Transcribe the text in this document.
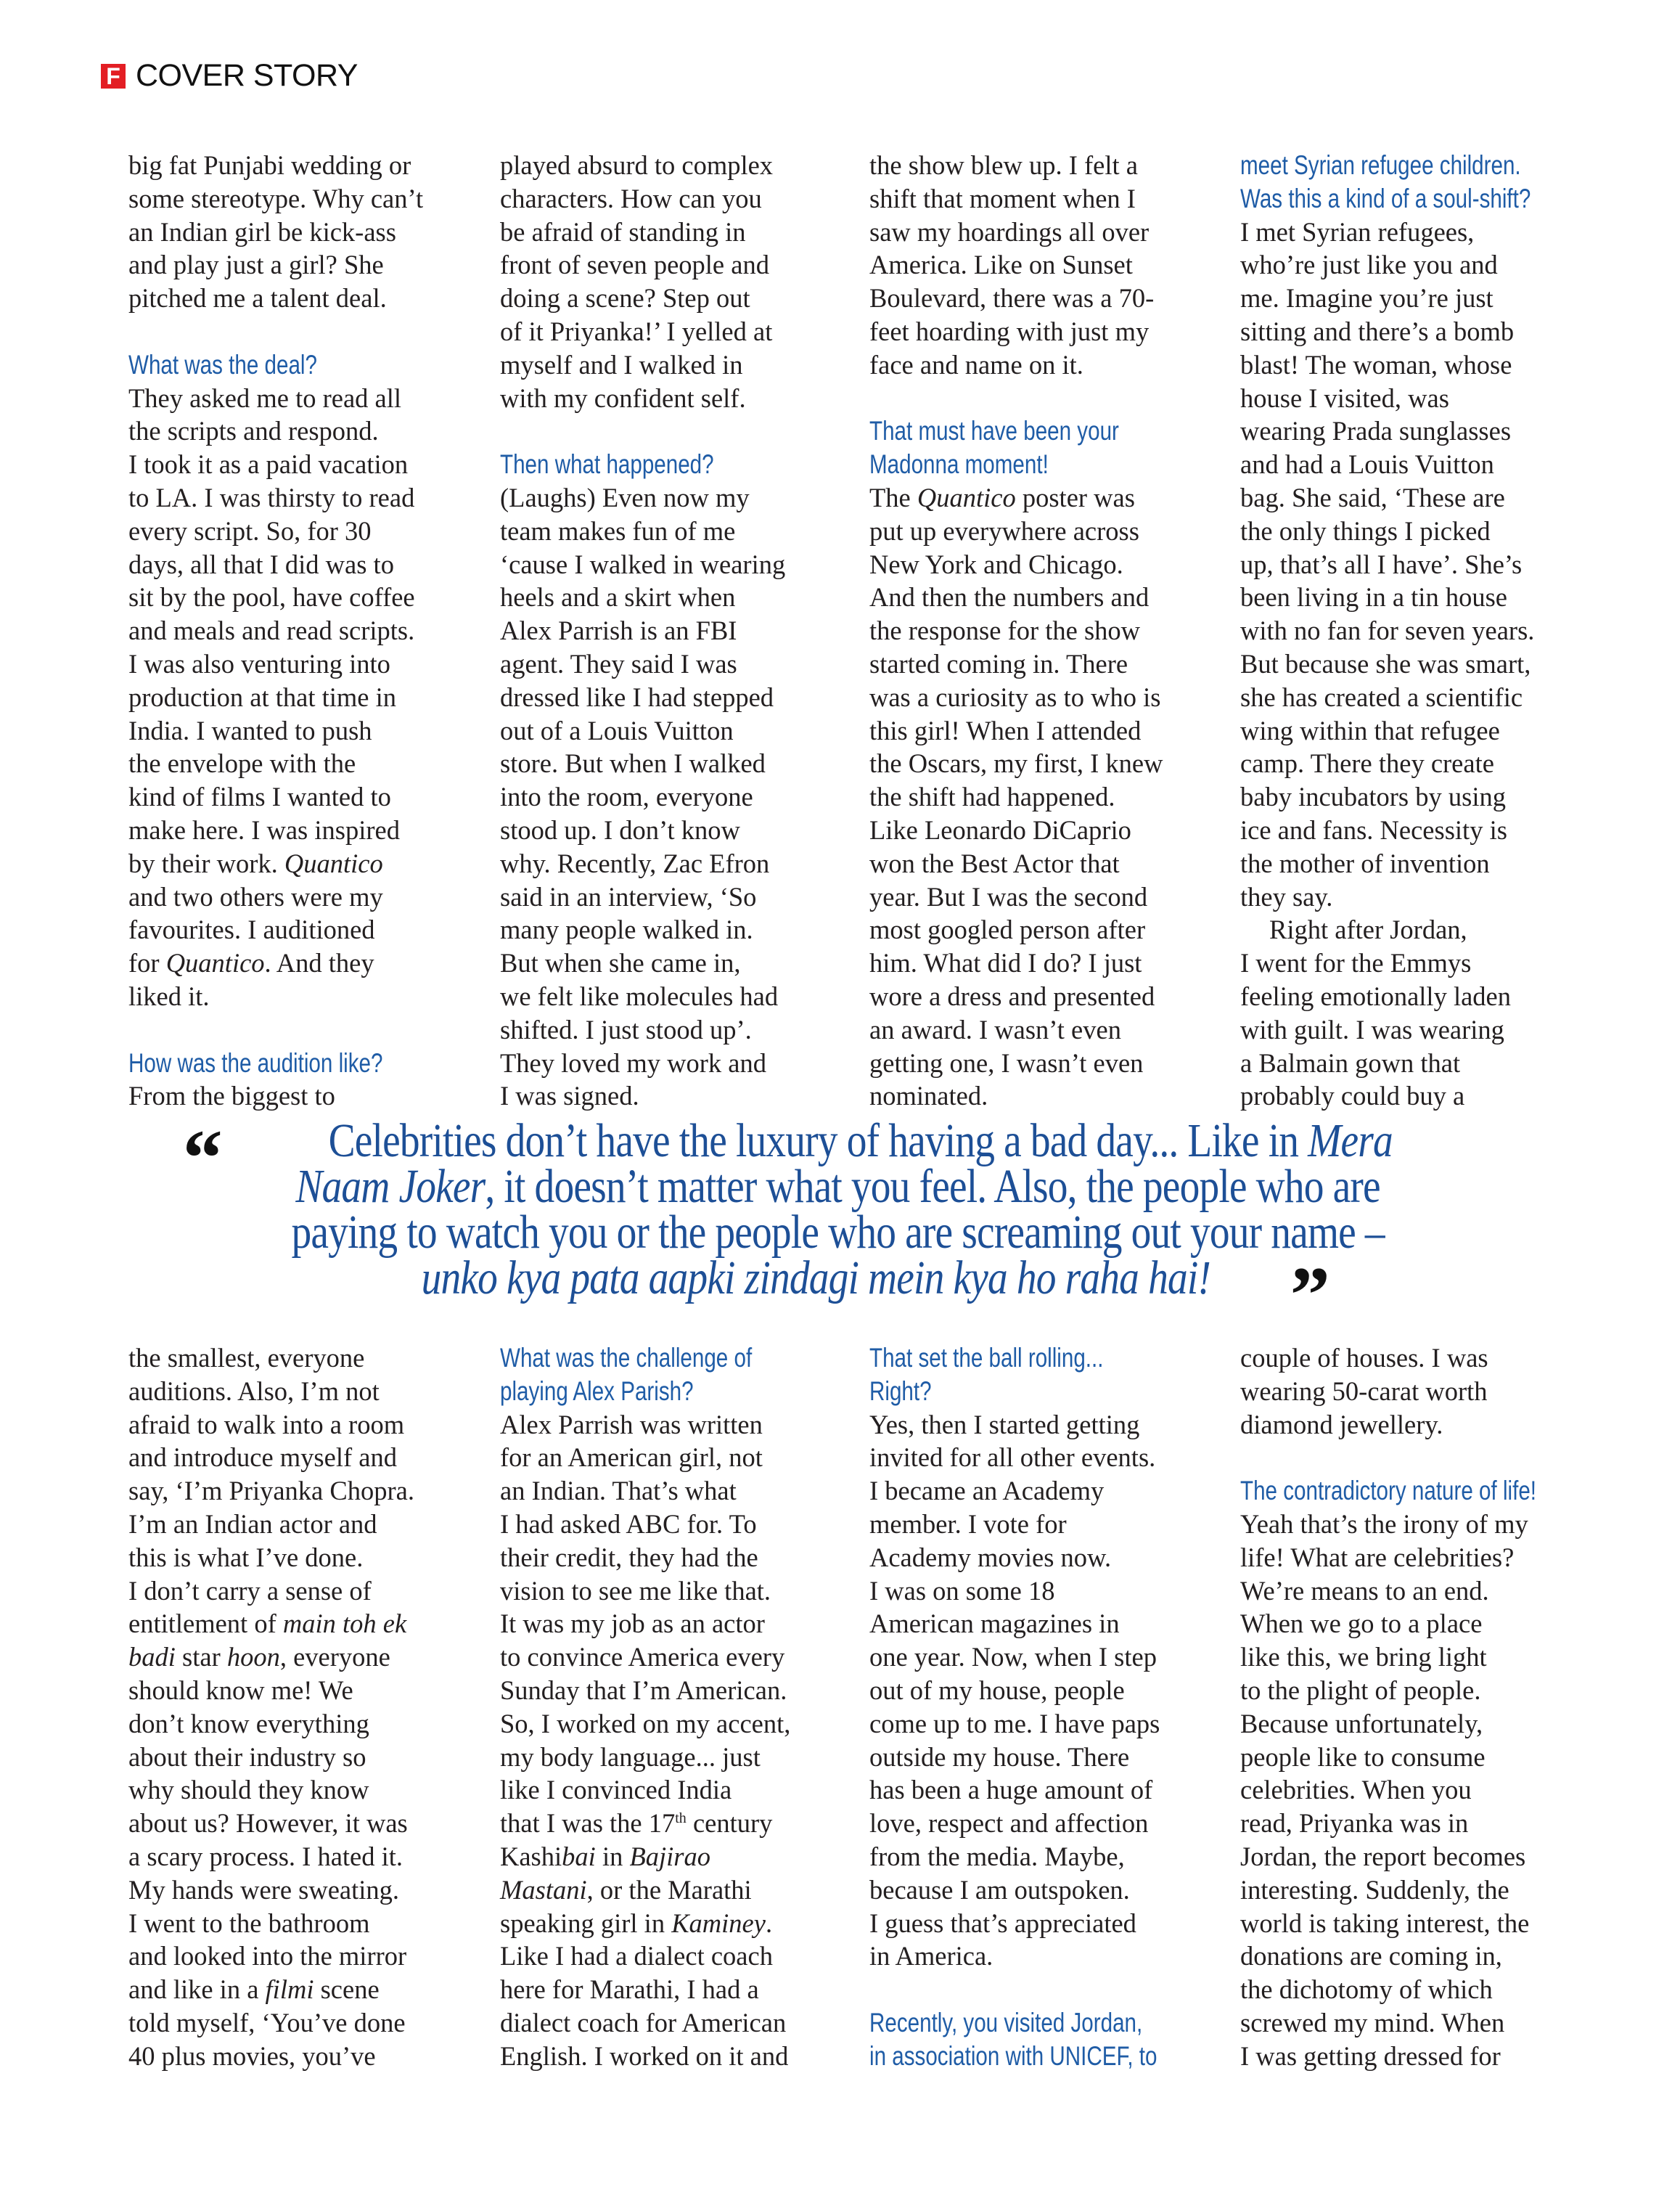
F COVER STORY
big fat Punjabi wedding or
some stereotype. Why can’t
an Indian girl be kick-ass
and play just a girl? She
pitched me a talent deal.
What was the deal?
They asked me to read all
the scripts and respond.
I took it as a paid vacation
to LA. I was thirsty to read
every script. So, for 30
days, all that I did was to
sit by the pool, have coffee
and meals and read scripts.
I was also venturing into
production at that time in
India. I wanted to push
the envelope with the
kind of films I wanted to
make here. I was inspired
by their work. Quantico
and two others were my
favourites. I auditioned
for Quantico. And they
liked it.
How was the audition like?
From the biggest to
played absurd to complex
characters. How can you
be afraid of standing in
front of seven people and
doing a scene? Step out
of it Priyanka!’ I yelled at
myself and I walked in
with my confident self.
Then what happened?
(Laughs) Even now my
team makes fun of me
‘cause I walked in wearing
heels and a skirt when
Alex Parrish is an FBI
agent. They said I was
dressed like I had stepped
out of a Louis Vuitton
store. But when I walked
into the room, everyone
stood up. I don’t know
why. Recently, Zac Efron
said in an interview, ‘So
many people walked in.
But when she came in,
we felt like molecules had
shifted. I just stood up’.
They loved my work and
I was signed.
the show blew up. I felt a
shift that moment when I
saw my hoardings all over
America. Like on Sunset
Boulevard, there was a 70-
feet hoarding with just my
face and name on it.
That must have been your
Madonna moment!
The Quantico poster was
put up everywhere across
New York and Chicago.
And then the numbers and
the response for the show
started coming in. There
was a curiosity as to who is
this girl! When I attended
the Oscars, my first, I knew
the shift had happened.
Like Leonardo DiCaprio
won the Best Actor that
year. But I was the second
most googled person after
him. What did I do? I just
wore a dress and presented
an award. I wasn’t even
getting one, I wasn’t even
nominated.
meet Syrian refugee children.
Was this a kind of a soul-shift?
I met Syrian refugees,
who’re just like you and
me. Imagine you’re just
sitting and there’s a bomb
blast! The woman, whose
house I visited, was
wearing Prada sunglasses
and had a Louis Vuitton
bag. She said, ‘These are
the only things I picked
up, that’s all I have’. She’s
been living in a tin house
with no fan for seven years.
But because she was smart,
she has created a scientific
wing within that refugee
camp. There they create
baby incubators by using
ice and fans. Necessity is
the mother of invention
they say.
Right after Jordan,
I went for the Emmys
feeling emotionally laden
with guilt. I was wearing
a Balmain gown that
probably could buy a
“ Celebrities don’t have the luxury of having a bad day... Like in Mera
Naam Joker, it doesn’t matter what you feel. Also, the people who are
paying to watch you or the people who are screaming out your name –
unko kya pata aapki zindagi mein kya ho raha hai! ”
the smallest, everyone
auditions. Also, I’m not
afraid to walk into a room
and introduce myself and
say, ‘I’m Priyanka Chopra.
I’m an Indian actor and
this is what I’ve done.
I don’t carry a sense of
entitlement of main toh ek
badi star hoon, everyone
should know me! We
don’t know everything
about their industry so
why should they know
about us? However, it was
a scary process. I hated it.
My hands were sweating.
I went to the bathroom
and looked into the mirror
and like in a filmi scene
told myself, ‘You’ve done
40 plus movies, you’ve
What was the challenge of
playing Alex Parish?
Alex Parrish was written
for an American girl, not
an Indian. That’s what
I had asked ABC for. To
their credit, they had the
vision to see me like that.
It was my job as an actor
to convince America every
Sunday that I’m American.
So, I worked on my accent,
my body language... just
like I convinced India
that I was the 17th century
Kashibai in Bajirao
Mastani, or the Marathi
speaking girl in Kaminey.
Like I had a dialect coach
here for Marathi, I had a
dialect coach for American
English. I worked on it and
That set the ball rolling...
Right?
Yes, then I started getting
invited for all other events.
I became an Academy
member. I vote for
Academy movies now.
I was on some 18
American magazines in
one year. Now, when I step
out of my house, people
come up to me. I have paps
outside my house. There
has been a huge amount of
love, respect and affection
from the media. Maybe,
because I am outspoken.
I guess that’s appreciated
in America.
Recently, you visited Jordan,
in association with UNICEF, to
couple of houses. I was
wearing 50-carat worth
diamond jewellery.
The contradictory nature of life!
Yeah that’s the irony of my
life! What are celebrities?
We’re means to an end.
When we go to a place
like this, we bring light
to the plight of people.
Because unfortunately,
people like to consume
celebrities. When you
read, Priyanka was in
Jordan, the report becomes
interesting. Suddenly, the
world is taking interest, the
donations are coming in,
the dichotomy of which
screwed my mind. When
I was getting dressed for
